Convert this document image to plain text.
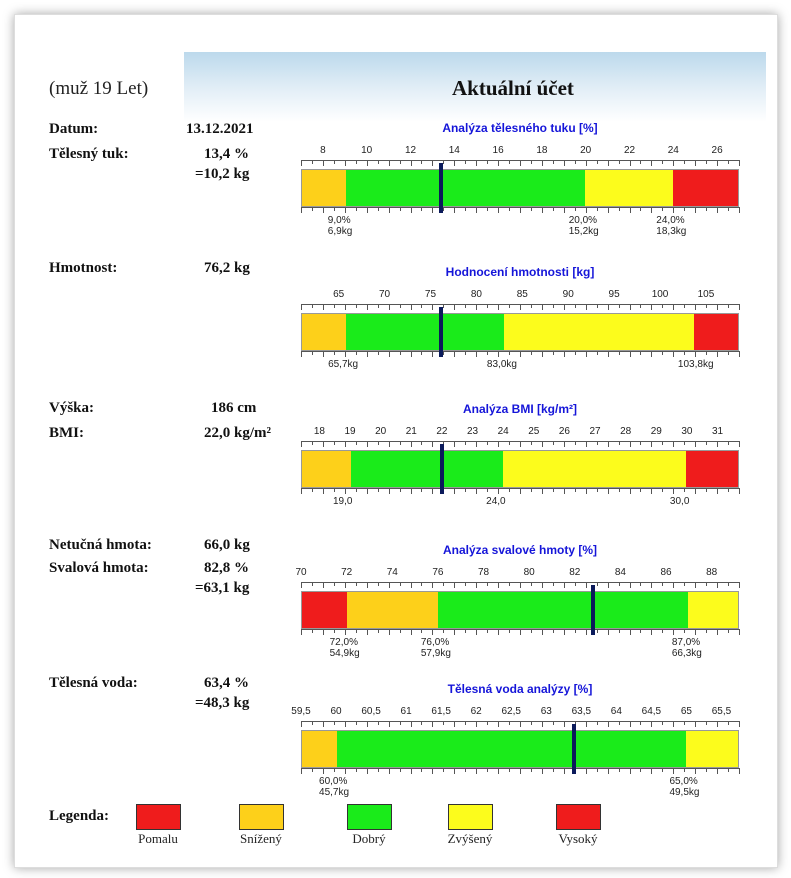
(muž 19 Let)	Aktuální účet
Datum:	13.12.2021
Tělesný tuk:	13,4 %
=10,2 kg
Hmotnost:	76,2 kg
Výška:	186 cm
BMI:	22,0 kg/m²
Netučná hmota:	66,0 kg
Svalová hmota:	82,8 %
=63,1 kg
Tělesná voda:	63,4 %
=48,3 kg
Analýza tělesného tuku [%]
8	10	12	14	16	18	20	22	24	26
9,0%
6,9kg
20,0%
15,2kg
24,0%
18,3kg
Hodnocení hmotnosti [kg]
65	70	75	80	85	90	95	100	105
65,7kg	83,0kg	103,8kg
Analýza BMI [kg/m²]
18 19 20 21 22 23 24 25 26 27 28 29 30 31
19,0	24,0	30,0
Analýza svalové hmoty [%]
70	72	74	76	78	80	82	84	86	88
72,0%
54,9kg
76,0%
57,9kg
87,0%
66,3kg
Tělesná voda analýzy [%]
59,5 60 60,5 61 61,5 62 62,5 63 63,5 64 64,5 65 65,5
60,0%
45,7kg
65,0%
49,5kg
Legenda:
Pomalu	Snížený	Dobrý	Zvýšený	Vysoký
